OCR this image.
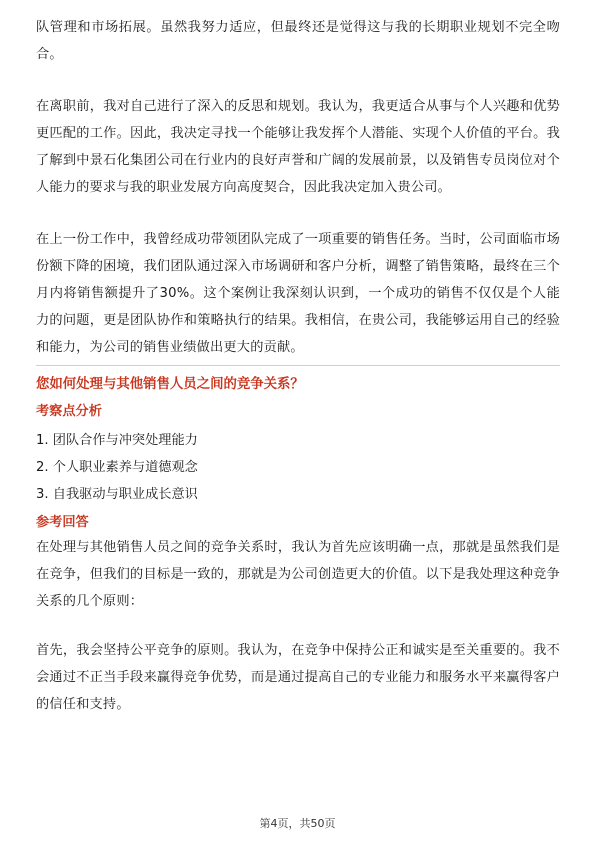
队管理和市场拓展。虽然我努力适应，但最终还是觉得这与我的长期职业规划不完全吻合。

在离职前，我对自己进行了深入的反思和规划。我认为，我更适合从事与个人兴趣和优势更匹配的工作。因此，我决定寻找一个能够让我发挥个人潜能、实现个人价值的平台。我了解到中景石化集团公司在行业内的良好声誉和广阔的发展前景，以及销售专员岗位对个人能力的要求与我的职业发展方向高度契合，因此我决定加入贵公司。

在上一份工作中，我曾经成功带领团队完成了一项重要的销售任务。当时，公司面临市场份额下降的困境，我们团队通过深入市场调研和客户分析，调整了销售策略，最终在三个月内将销售额提升了30%。这个案例让我深刻认识到，一个成功的销售不仅仅是个人能力的问题，更是团队协作和策略执行的结果。我相信，在贵公司，我能够运用自己的经验和能力，为公司的销售业绩做出更大的贡献。

您如何处理与其他销售人员之间的竞争关系？
考察点分析
1. 团队合作与冲突处理能力
2. 个人职业素养与道德观念
3. 自我驱动与职业成长意识
参考回答

在处理与其他销售人员之间的竞争关系时，我认为首先应该明确一点，那就是虽然我们是在竞争，但我们的目标是一致的，那就是为公司创造更大的价值。以下是我处理这种竞争关系的几个原则：

首先，我会坚持公平竞争的原则。我认为，在竞争中保持公正和诚实是至关重要的。我不会通过不正当手段来赢得竞争优势，而是通过提高自己的专业能力和服务水平来赢得客户的信任和支持。

第4页，共50页
